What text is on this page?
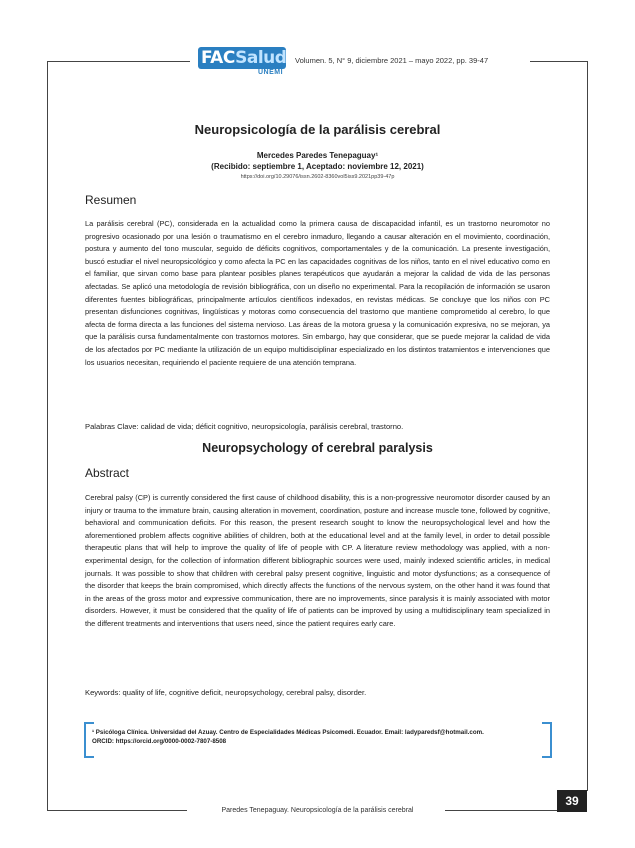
FACSalud
UNEMI
Volumen. 5, N° 9, diciembre 2021 – mayo 2022, pp. 39-47
Neuropsicología de la parálisis cerebral
Mercedes Paredes Tenepaguay¹
(Recibido: septiembre 1, Aceptado: noviembre 12, 2021)
https://doi.org/10.29076/issn.2602-8360vol5iss9.2021pp39-47p
Resumen
La parálisis cerebral (PC), considerada en la actualidad como la primera causa de discapacidad infantil, es un trastorno neuromotor no progresivo ocasionado por una lesión o traumatismo en el cerebro inmaduro, llegando a causar alteración en el movimiento, coordinación, postura y aumento del tono muscular, seguido de déficits cognitivos, comportamentales y de la comunicación. La presente investigación, buscó estudiar el nivel neuropsicológico y como afecta la PC en las capacidades cognitivas de los niños, tanto en el nivel educativo como en el familiar, que sirvan como base para plantear posibles planes terapéuticos que ayudarán a mejorar la calidad de vida de las personas afectadas. Se aplicó una metodología de revisión bibliográfica, con un diseño no experimental. Para la recopilación de información se usaron diferentes fuentes bibliográficas, principalmente artículos científicos indexados, en revistas médicas. Se concluye que los niños con PC presentan disfunciones cognitivas, lingüísticas y motoras como consecuencia del trastorno que mantiene comprometido al cerebro, lo que afecta de forma directa a las funciones del sistema nervioso. Las áreas de la motora gruesa y la comunicación expresiva, no se mejoran, ya que la parálisis cursa fundamentalmente con trastornos motores. Sin embargo, hay que considerar, que se puede mejorar la calidad de vida de los afectados por PC mediante la utilización de un equipo multidisciplinar especializado en los distintos tratamientos e intervenciones que los usuarios necesitan, requiriendo el paciente requiere de una atención temprana.
Palabras Clave: calidad de vida; déficit cognitivo, neuropsicología, parálisis cerebral, trastorno.
Neuropsychology of cerebral paralysis
Abstract
Cerebral palsy (CP) is currently considered the first cause of childhood disability, this is a non-progressive neuromotor disorder caused by an injury or trauma to the immature brain, causing alteration in movement, coordination, posture and increase muscle tone, followed by cognitive, behavioral and communication deficits. For this reason, the present research sought to know the neuropsychological level and how the aforementioned problem affects cognitive abilities of children, both at the educational level and at the family level, in order to detail possible therapeutic plans that will help to improve the quality of life of people with CP. A literature review methodology was applied, with a non-experimental design, for the collection of information different bibliographic sources were used, mainly indexed scientific articles, in medical journals. It was possible to show that children with cerebral palsy present cognitive, linguistic and motor dysfunctions; as a consequence of the disorder that keeps the brain compromised, which directly affects the functions of the nervous system, on the other hand it was found that in the areas of the gross motor and expressive communication, there are no improvements, since paralysis it is mainly associated with motor disorders. However, it must be considered that the quality of life of patients can be improved by using a multidisciplinary team specialized in the different treatments and interventions that users need, since the patient requires early care.
Keywords: quality of life, cognitive deficit, neuropsychology, cerebral palsy, disorder.
¹ Psicóloga Clínica. Universidad del Azuay. Centro de Especialidades Médicas Psicomedi. Ecuador. Email: ladyparedsf@hotmail.com.
ORCID: https://orcid.org/0000-0002-7807-8508
39
Paredes Tenepaguay. Neuropsicología de la parálisis cerebral
